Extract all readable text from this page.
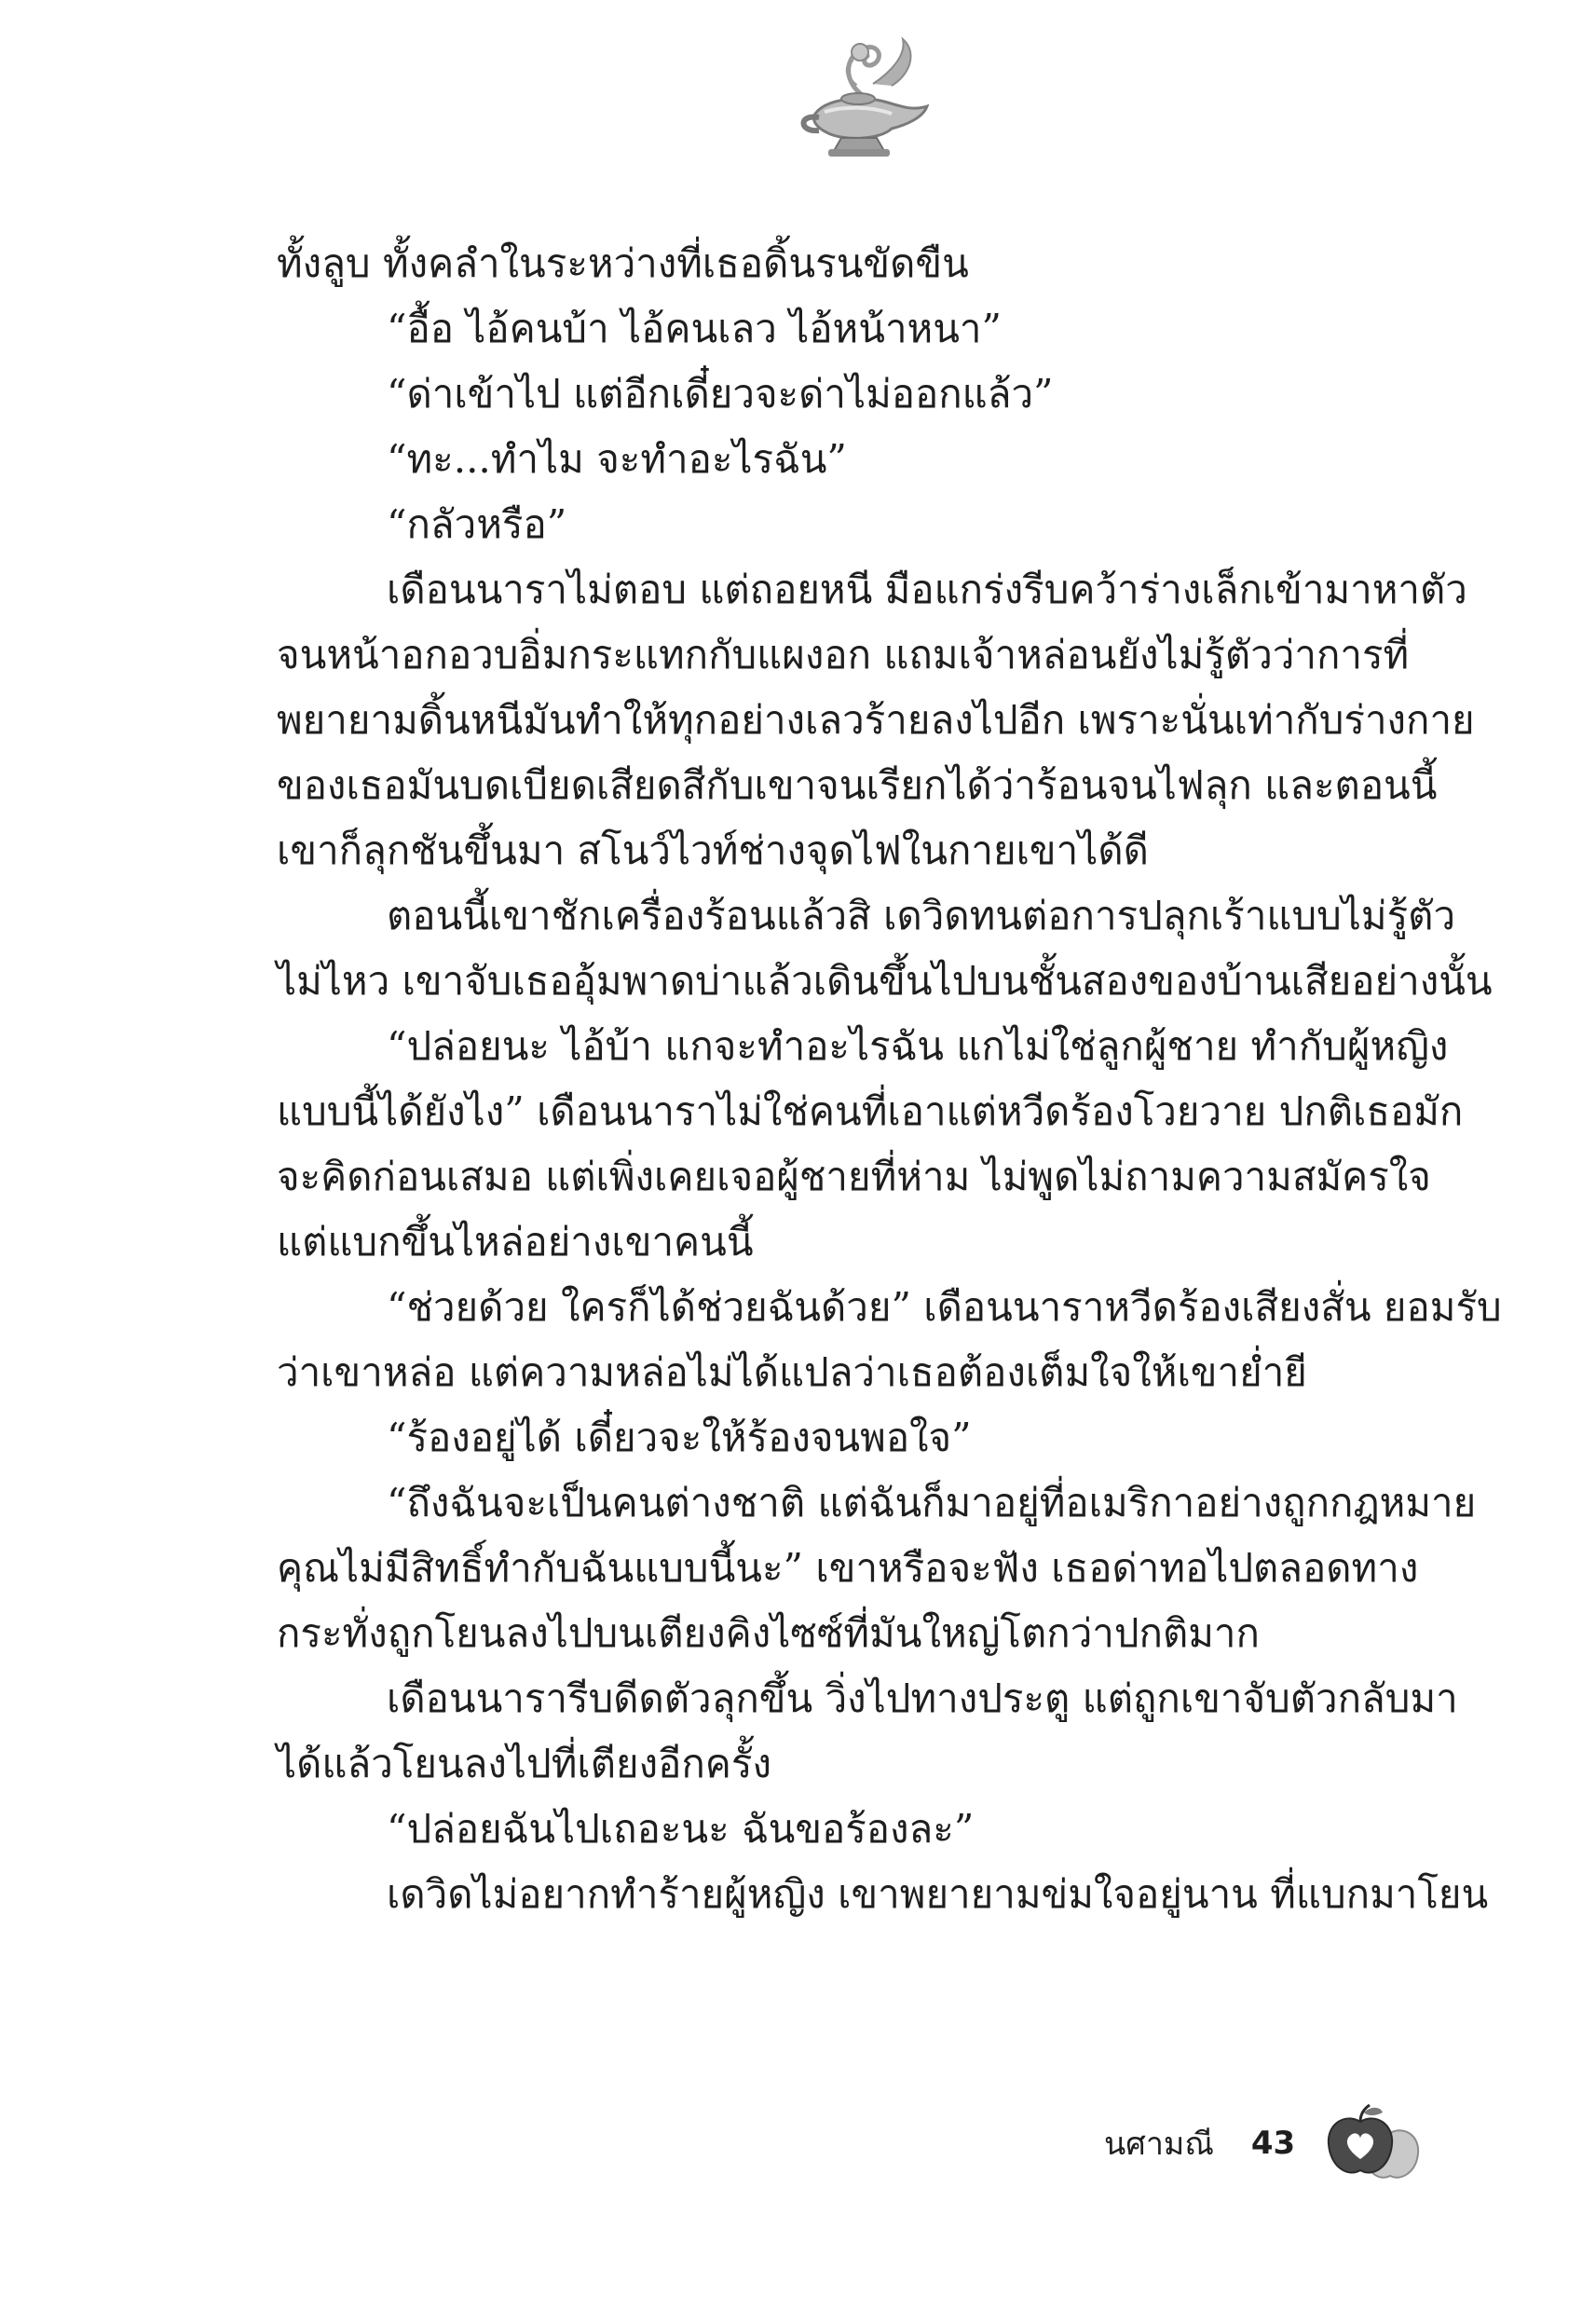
ทั้งลูบ ทั้งคลำในระหว่างที่เธอดิ้นรนขัดขืน
“อื้อ ไอ้คนบ้า ไอ้คนเลว ไอ้หน้าหนา”
“ด่าเข้าไป แต่อีกเดี๋ยวจะด่าไม่ออกแล้ว”
“ทะ...ทำไม จะทำอะไรฉัน”
“กลัวหรือ”
เดือนนาราไม่ตอบ แต่ถอยหนี มือแกร่งรีบคว้าร่างเล็กเข้ามาหาตัว
จนหน้าอกอวบอิ่มกระแทกกับแผงอก แถมเจ้าหล่อนยังไม่รู้ตัวว่าการที่
พยายามดิ้นหนีมันทำให้ทุกอย่างเลวร้ายลงไปอีก เพราะนั่นเท่ากับร่างกาย
ของเธอมันบดเบียดเสียดสีกับเขาจนเรียกได้ว่าร้อนจนไฟลุก และตอนนี้
เขาก็ลุกชันขึ้นมา สโนว์ไวท์ช่างจุดไฟในกายเขาได้ดี
ตอนนี้เขาชักเครื่องร้อนแล้วสิ เดวิดทนต่อการปลุกเร้าแบบไม่รู้ตัว
ไม่ไหว เขาจับเธออุ้มพาดบ่าแล้วเดินขึ้นไปบนชั้นสองของบ้านเสียอย่างนั้น
“ปล่อยนะ ไอ้บ้า แกจะทำอะไรฉัน แกไม่ใช่ลูกผู้ชาย ทำกับผู้หญิง
แบบนี้ได้ยังไง” เดือนนาราไม่ใช่คนที่เอาแต่หวีดร้องโวยวาย ปกติเธอมัก
จะคิดก่อนเสมอ แต่เพิ่งเคยเจอผู้ชายที่ห่าม ไม่พูดไม่ถามความสมัครใจ
แต่แบกขึ้นไหล่อย่างเขาคนนี้
“ช่วยด้วย ใครก็ได้ช่วยฉันด้วย” เดือนนาราหวีดร้องเสียงสั่น ยอมรับ
ว่าเขาหล่อ แต่ความหล่อไม่ได้แปลว่าเธอต้องเต็มใจให้เขาย่ำยี
“ร้องอยู่ได้ เดี๋ยวจะให้ร้องจนพอใจ”
“ถึงฉันจะเป็นคนต่างชาติ แต่ฉันก็มาอยู่ที่อเมริกาอย่างถูกกฎหมาย
คุณไม่มีสิทธิ์ทำกับฉันแบบนี้นะ” เขาหรือจะฟัง เธอด่าทอไปตลอดทาง
กระทั่งถูกโยนลงไปบนเตียงคิงไซซ์ที่มันใหญ่โตกว่าปกติมาก
เดือนนารารีบดีดตัวลุกขึ้น วิ่งไปทางประตู แต่ถูกเขาจับตัวกลับมา
ได้แล้วโยนลงไปที่เตียงอีกครั้ง
“ปล่อยฉันไปเถอะนะ ฉันขอร้องละ”
เดวิดไม่อยากทำร้ายผู้หญิง เขาพยายามข่มใจอยู่นาน ที่แบกมาโยน
นศามณี 43
